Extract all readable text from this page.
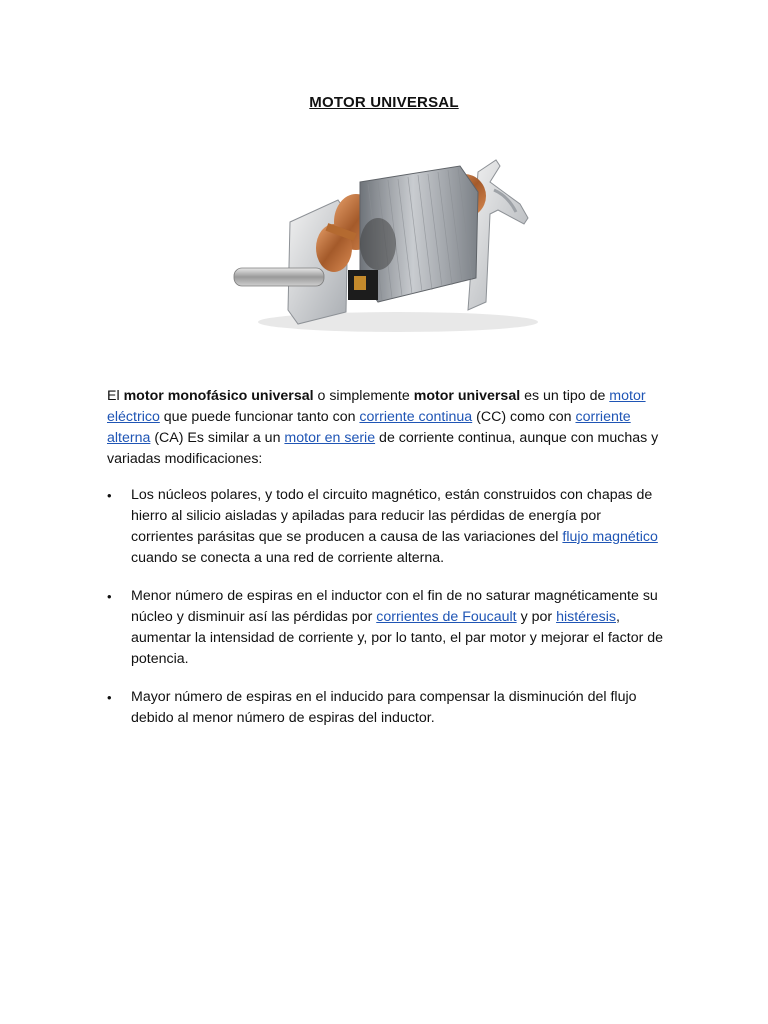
MOTOR UNIVERSAL

El motor monofásico universal o simplemente motor universal es un tipo de motor eléctrico que puede funcionar tanto con corriente continua (CC) como con corriente alterna (CA) Es similar a un motor en serie de corriente continua, aunque con muchas y variadas modificaciones:

• Los núcleos polares, y todo el circuito magnético, están construidos con chapas de hierro al silicio aisladas y apiladas para reducir las pérdidas de energía por corrientes parásitas que se producen a causa de las variaciones del flujo magnético cuando se conecta a una red de corriente alterna.
• Menor número de espiras en el inductor con el fin de no saturar magnéticamente su núcleo y disminuir así las pérdidas por corrientes de Foucault y por histéresis, aumentar la intensidad de corriente y, por lo tanto, el par motor y mejorar el factor de potencia.
• Mayor número de espiras en el inducido para compensar la disminución del flujo debido al menor número de espiras del inductor.
